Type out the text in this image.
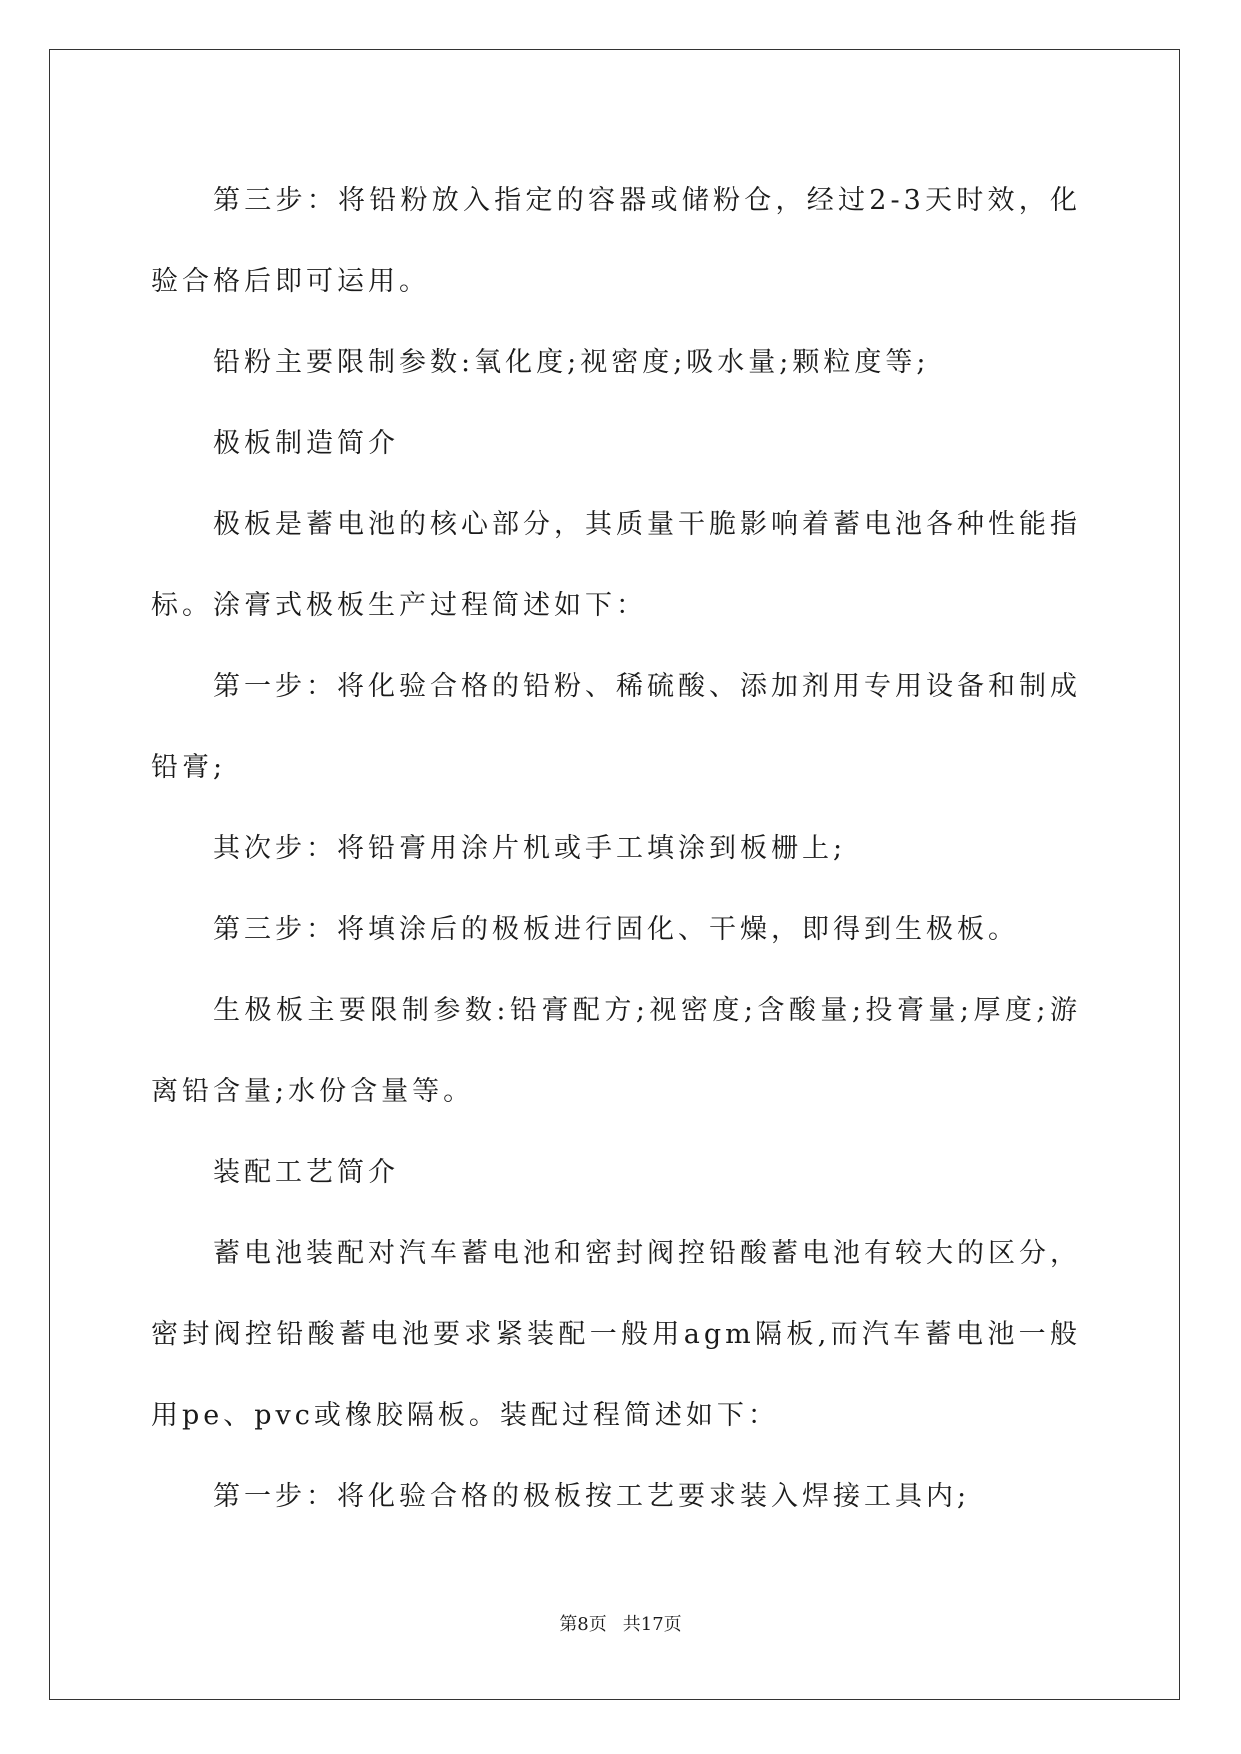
第三步：将铅粉放入指定的容器或储粉仓，经过2-3天时效，化验合格后即可运用。

铅粉主要限制参数:氧化度;视密度;吸水量;颗粒度等;

极板制造简介

极板是蓄电池的核心部分，其质量干脆影响着蓄电池各种性能指标。涂膏式极板生产过程简述如下：

第一步：将化验合格的铅粉、稀硫酸、添加剂用专用设备和制成铅膏;

其次步：将铅膏用涂片机或手工填涂到板栅上;

第三步：将填涂后的极板进行固化、干燥，即得到生极板。

生极板主要限制参数:铅膏配方;视密度;含酸量;投膏量;厚度;游离铅含量;水份含量等。

装配工艺简介

蓄电池装配对汽车蓄电池和密封阀控铅酸蓄电池有较大的区分，密封阀控铅酸蓄电池要求紧装配一般用agm隔板,而汽车蓄电池一般用pe、pvc或橡胶隔板。装配过程简述如下：

第一步：将化验合格的极板按工艺要求装入焊接工具内;

第8页 共17页
